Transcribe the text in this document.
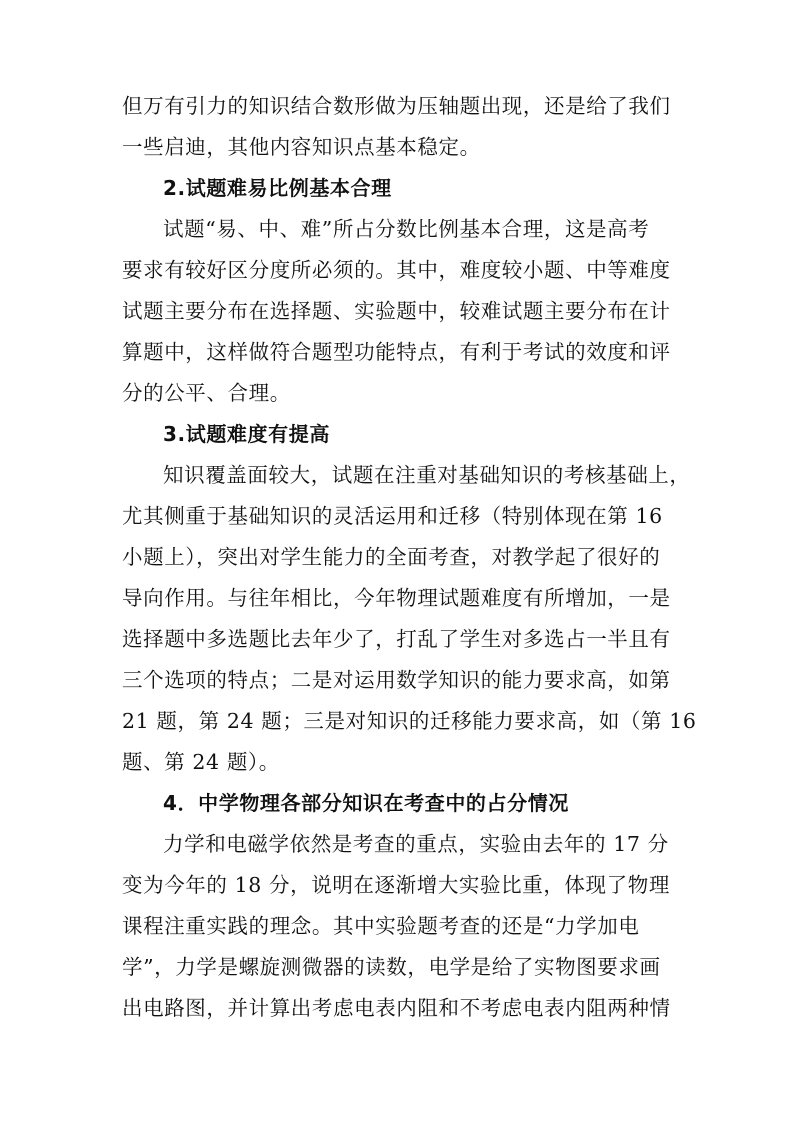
但万有引力的知识结合数形做为压轴题出现，还是给了我们
一些启迪，其他内容知识点基本稳定。
2.试题难易比例基本合理
试题“易、中、难”所占分数比例基本合理，这是高考
要求有较好区分度所必须的。其中，难度较小题、中等难度
试题主要分布在选择题、实验题中，较难试题主要分布在计
算题中，这样做符合题型功能特点，有利于考试的效度和评
分的公平、合理。
3.试题难度有提高
知识覆盖面较大，试题在注重对基础知识的考核基础上，
尤其侧重于基础知识的灵活运用和迁移（特别体现在第 16
小题上），突出对学生能力的全面考查，对教学起了很好的
导向作用。与往年相比，今年物理试题难度有所增加，一是
选择题中多选题比去年少了，打乱了学生对多选占一半且有
三个选项的特点；二是对运用数学知识的能力要求高，如第
21 题，第 24 题；三是对知识的迁移能力要求高，如（第 16
题、第 24 题）。
4．中学物理各部分知识在考查中的占分情况
力学和电磁学依然是考查的重点，实验由去年的 17 分
变为今年的 18 分，说明在逐渐增大实验比重，体现了物理
课程注重实践的理念。其中实验题考查的还是“力学加电
学”，力学是螺旋测微器的读数，电学是给了实物图要求画
出电路图，并计算出考虑电表内阻和不考虑电表内阻两种情
